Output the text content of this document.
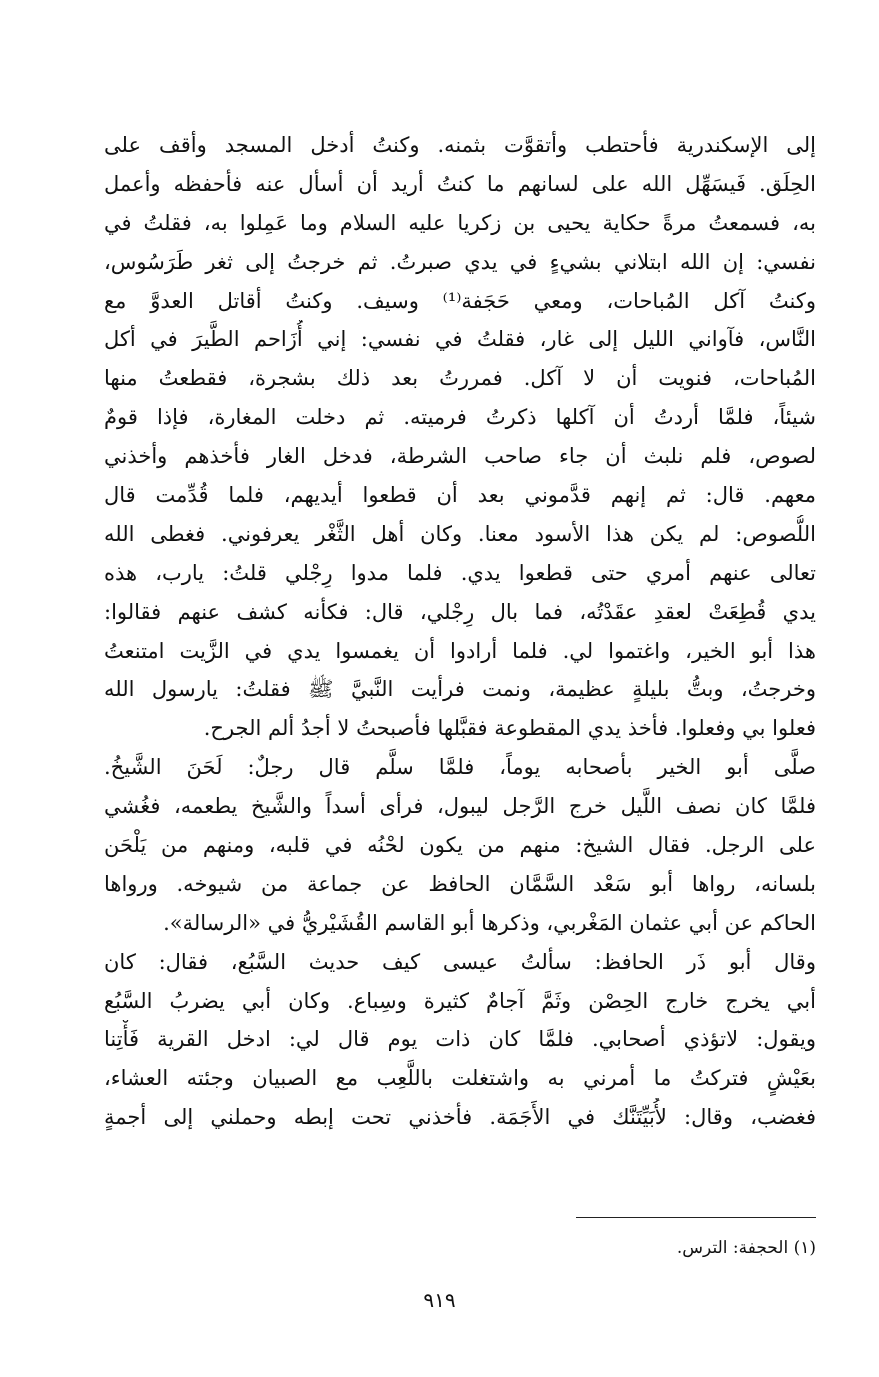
إلى الإسكندرية فأحتطب وأتقوَّت بثمنه. وكنتُ أدخل المسجد وأقف على
الحِلَق. فَيسَهِّل الله على لسانهم ما كنتُ أريد أن أسأل عنه فأحفظه وأعمل
به، فسمعتُ مرةً حكاية يحيى بن زكريا عليه السلام وما عَمِلوا به، فقلتُ في
نفسي: إن الله ابتلاني بشيءٍ في يدي صبرتُ. ثم خرجتُ إلى ثغر طَرَسُوس،
وكنتُ آكل المُباحات، ومعي حَجَفة⁽¹⁾ وسيف. وكنتُ أقاتل العدوَّ مع
النَّاس، فآواني الليل إلى غار، فقلتُ في نفسي: إني أُزَاحم الطَّيرَ في أكل
المُباحات، فنويت أن لا آكل. فمررتُ بعد ذلك بشجرة، فقطعتُ منها
شيئاً، فلمَّا أردتُ أن آكلها ذكرتُ فرميته. ثم دخلت المغارة، فإذا قومٌ
لصوص، فلم نلبث أن جاء صاحب الشرطة، فدخل الغار فأخذهم وأخذني
معهم. قال: ثم إنهم قدَّموني بعد أن قطعوا أيديهم، فلما قُدِّمت قال
اللُّصوص: لم يكن هذا الأسود معنا. وكان أهل الثَّغْر يعرفوني. فغطى الله
تعالى عنهم أمري حتى قطعوا يدي. فلما مدوا رِجْلي قلتُ: يارب، هذه
يدي قُطِعَتْ لعقدِ عقَدْتُه، فما بال رِجْلي، قال: فكأنه كشف عنهم فقالوا:
هذا أبو الخير، واغتموا لي. فلما أرادوا أن يغمسوا يدي في الزَّيت امتنعتُ
وخرجتُ، وبتُّ بليلةٍ عظيمة، ونمت فرأيت النَّبيَّ ﷺ فقلتُ: يارسول الله
فعلوا بي وفعلوا. فأخذ يدي المقطوعة فقبَّلها فأصبحتُ لا أجدُ ألم الجرح.
صلَّى أبو الخير بأصحابه يوماً، فلمَّا سلَّم قال رجلٌ: لَحَنَ الشَّيخُ.
فلمَّا كان نصف اللَّيل خرج الرَّجل ليبول، فرأى أسداً والشَّيخ يطعمه، فغُشي
على الرجل. فقال الشيخ: منهم من يكون لحْنُه في قلبه، ومنهم من يَلْحَن
بلسانه، رواها أبو سَعْد السَّمَّان الحافظ عن جماعة من شيوخه. ورواها
الحاكم عن أبي عثمان المَغْربي، وذكرها أبو القاسم القُشَيْريُّ في «الرسالة».
وقال أبو ذَر الحافظ: سألتُ عيسى كيف حديث السَّبُع، فقال: كان
أبي يخرج خارج الحِصْن وثَمَّ آجامٌ كثيرة وسِباع. وكان أبي يضربُ السَّبُع
ويقول: لاتؤذي أصحابي. فلمَّا كان ذات يوم قال لي: ادخل القرية فَأْتِنا
بعَيْشٍ فتركتُ ما أمرني به واشتغلت باللَّعِب مع الصبيان وجئته العشاء،
فغضب، وقال: لأُبَيِّتَنَّك في الأَجَمَة. فأخذني تحت إبطه وحملني إلى أجمةٍ
(١) الحجفة: الترس.
٩١٩
